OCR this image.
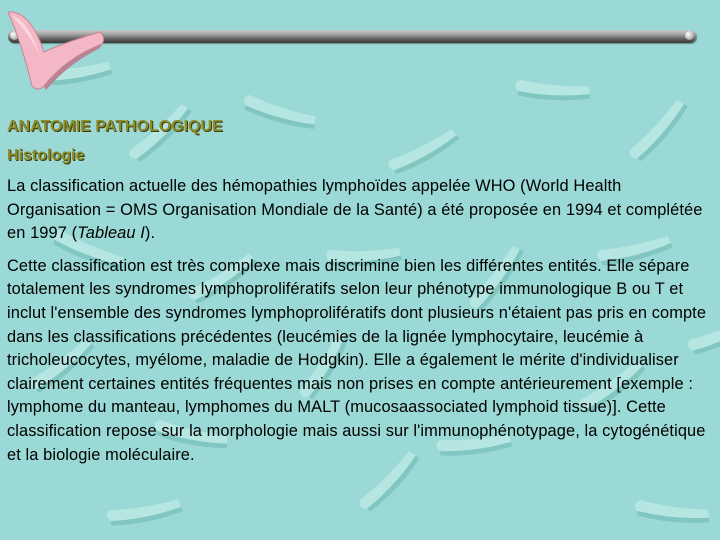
ANATOMIE PATHOLOGIQUE
Histologie

La classification actuelle des hémopathies lymphoïdes appelée WHO (World Health Organisation = OMS Organisation Mondiale de la Santé) a été proposée en 1994 et complétée en 1997 (Tableau I).

Cette classification est très complexe mais discrimine bien les différentes entités. Elle sépare totalement les syndromes lymphoprolifératifs selon leur phénotype immunologique B ou T et inclut l'ensemble des syndromes lymphoprolifératifs dont plusieurs n'étaient pas pris en compte dans les classifications précédentes (leucémies de la lignée lymphocytaire, leucémie à tricholeucocytes, myélome, maladie de Hodgkin). Elle a également le mérite d'individualiser clairement certaines entités fréquentes mais non prises en compte antérieurement [exemple : lymphome du manteau, lymphomes du MALT (mucosaassociated lymphoid tissue)]. Cette classification repose sur la morphologie mais aussi sur l'immunophénotypage, la cytogénétique et la biologie moléculaire.
